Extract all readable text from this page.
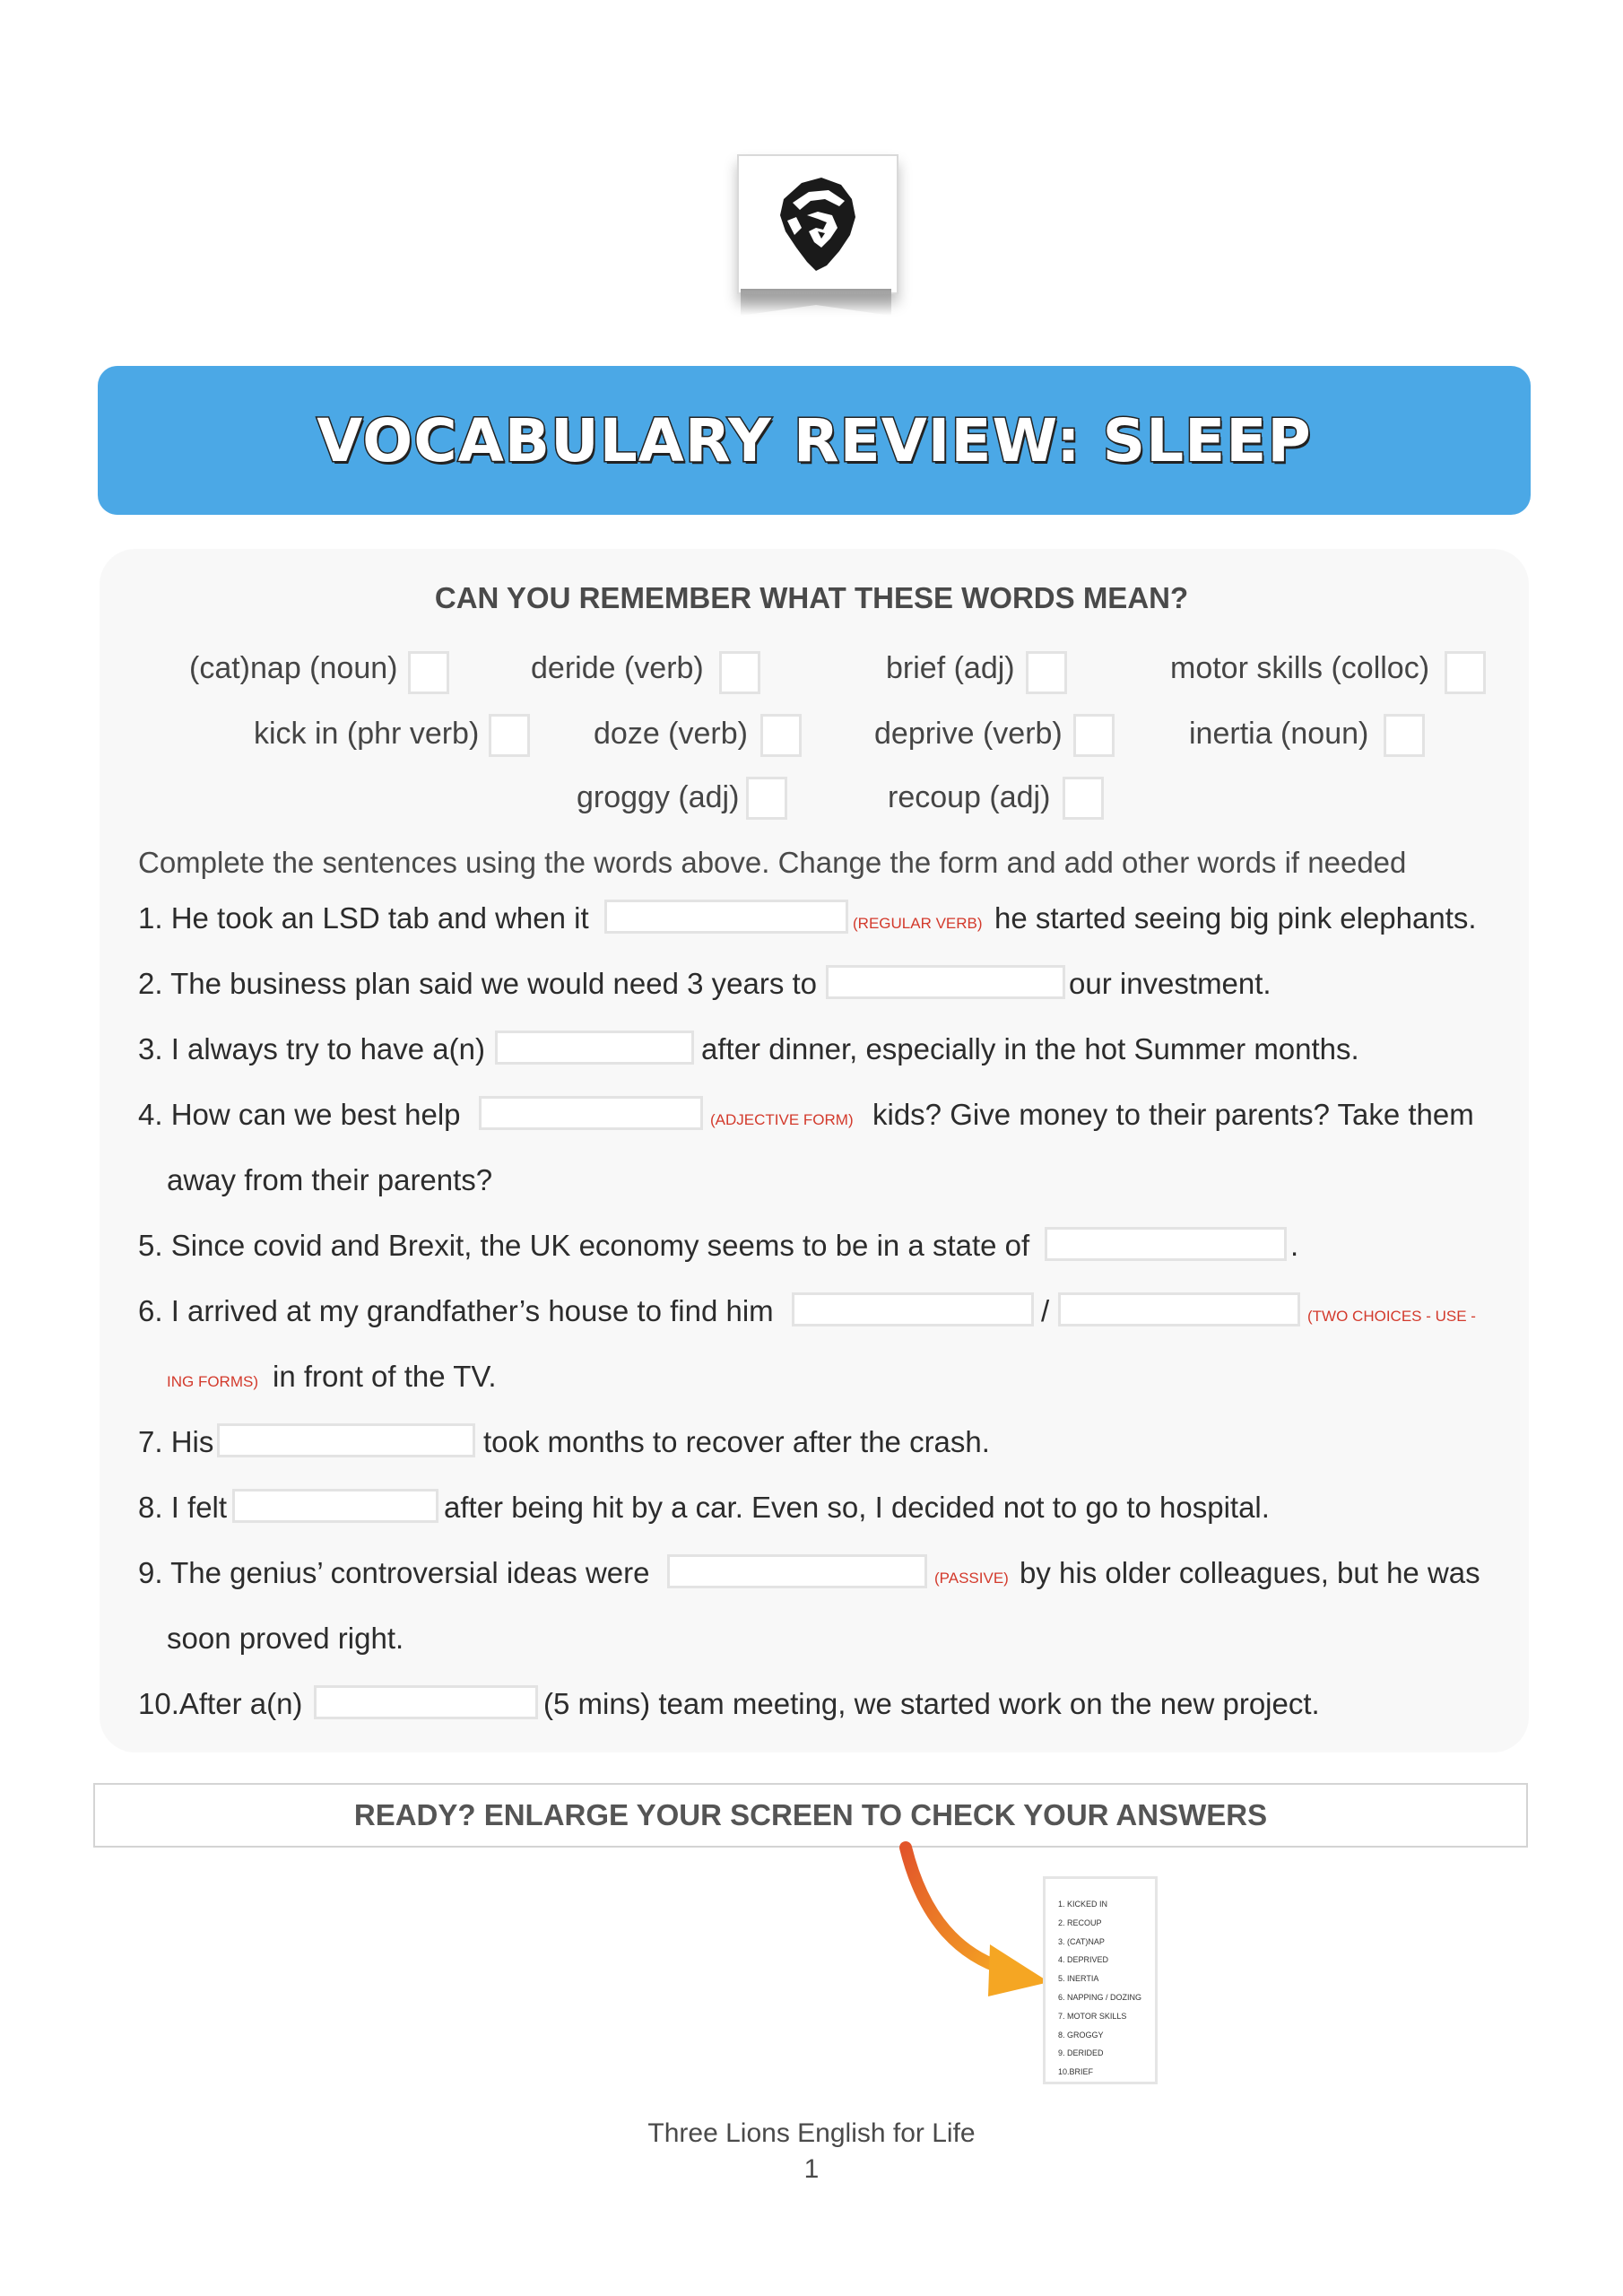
VOCABULARY REVIEW: SLEEP
CAN YOU REMEMBER WHAT THESE WORDS MEAN?
(cat)nap (noun)	deride (verb)	brief (adj)	motor skills (colloc)
kick in (phr verb)	doze (verb)	deprive (verb)	inertia (noun)
groggy (adj)	recoup (adj)
Complete the sentences using the words above. Change the form and add other words if needed
1. He took an LSD tab and when it	(REGULAR VERB) he started seeing big pink elephants.
2. The business plan said we would need 3 years to	our investment.
3. I always try to have a(n)	after dinner, especially in the hot Summer months.
4. How can we best help	(ADJECTIVE FORM) kids? Give money to their parents? Take them
away from their parents?
5. Since covid and Brexit, the UK economy seems to be in a state of	.
6. I arrived at my grandfather’s house to find him	/	(TWO CHOICES - USE -
ING FORMS) in front of the TV.
7. His	took months to recover after the crash.
8. I felt	after being hit by a car. Even so, I decided not to go to hospital.
9. The genius’ controversial ideas were	(PASSIVE) by his older colleagues, but he was
soon proved right.
10.After a(n)	(5 mins) team meeting, we started work on the new project.
READY? ENLARGE YOUR SCREEN TO CHECK YOUR ANSWERS
1. KICKED IN
2. RECOUP
3. (CAT)NAP
4. DEPRIVED
5. INERTIA
6. NAPPING / DOZING
7. MOTOR SKILLS
8. GROGGY
9. DERIDED
10.BRIEF
Three Lions English for Life
1
